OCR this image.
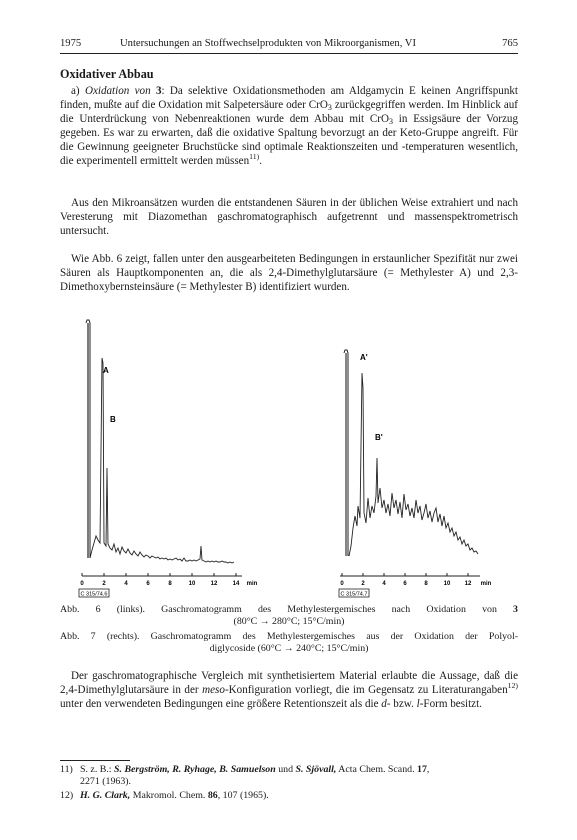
1975	Untersuchungen an Stoffwechselprodukten von Mikroorganismen, VI	765
Oxidativer Abbau

a) Oxidation von 3: Da selektive Oxidationsmethoden am Aldgamycin E keinen Angriffspunkt finden, mußte auf die Oxidation mit Salpetersäure oder CrO$_3$ zurückgegriffen werden. Im Hinblick auf die Unterdrückung von Nebenreaktionen wurde dem Abbau mit CrO$_3$ in Essigsäure der Vorzug gegeben. Es war zu erwarten, daß die oxidative Spaltung bevorzugt an der Keto-Gruppe angreift. Für die Gewinnung geeigneter Bruchstücke sind optimale Reaktionszeiten und -temperaturen wesentlich, die experimentell ermittelt werden müssen$^{11)}$.

Aus den Mikroansätzen wurden die entstandenen Säuren in der üblichen Weise extrahiert und nach Veresterung mit Diazomethan gaschromatographisch aufgetrennt und massenspektrometrisch untersucht.

Wie Abb. 6 zeigt, fallen unter den ausgearbeiteten Bedingungen in erstaunlicher Spezifität nur zwei Säuren als Hauptkomponenten an, die als 2,4-Dimethylglutarsäure (= Methylester A) und 2,3-Dimethoxybernsteinsäure (= Methylester B) identifiziert wurden.

A
B
0	2	4	6	8	10	12	14 min
C 315/74.6
A'
B'
0	2	4	6	8	10 12 min
C 315/74.7

Abb. 6 (links). Gaschromatogramm des Methylestergemisches nach Oxidation von 3
(80°C → 280°C; 15°C/min)

Abb. 7 (rechts). Gaschromatogramm des Methylestergemisches aus der Oxidation der Polyol-
diglycoside (60°C → 240°C; 15°C/min)

Der gaschromatographische Vergleich mit synthetisiertem Material erlaubte die Aussage, daß die 2,4-Dimethylglutarsäure in der meso-Konfiguration vorliegt, die im Gegensatz zu Literaturangaben$^{12)}$ unter den verwendeten Bedingungen eine größere Retentionszeit als die d- bzw. l-Form besitzt.

11) S. z. B.: S. Bergström, R. Ryhage, B. Samuelson und S. Sjövall, Acta Chem. Scand. 17,
2271 (1963).

12) H. G. Clark, Makromol. Chem. 86, 107 (1965).
